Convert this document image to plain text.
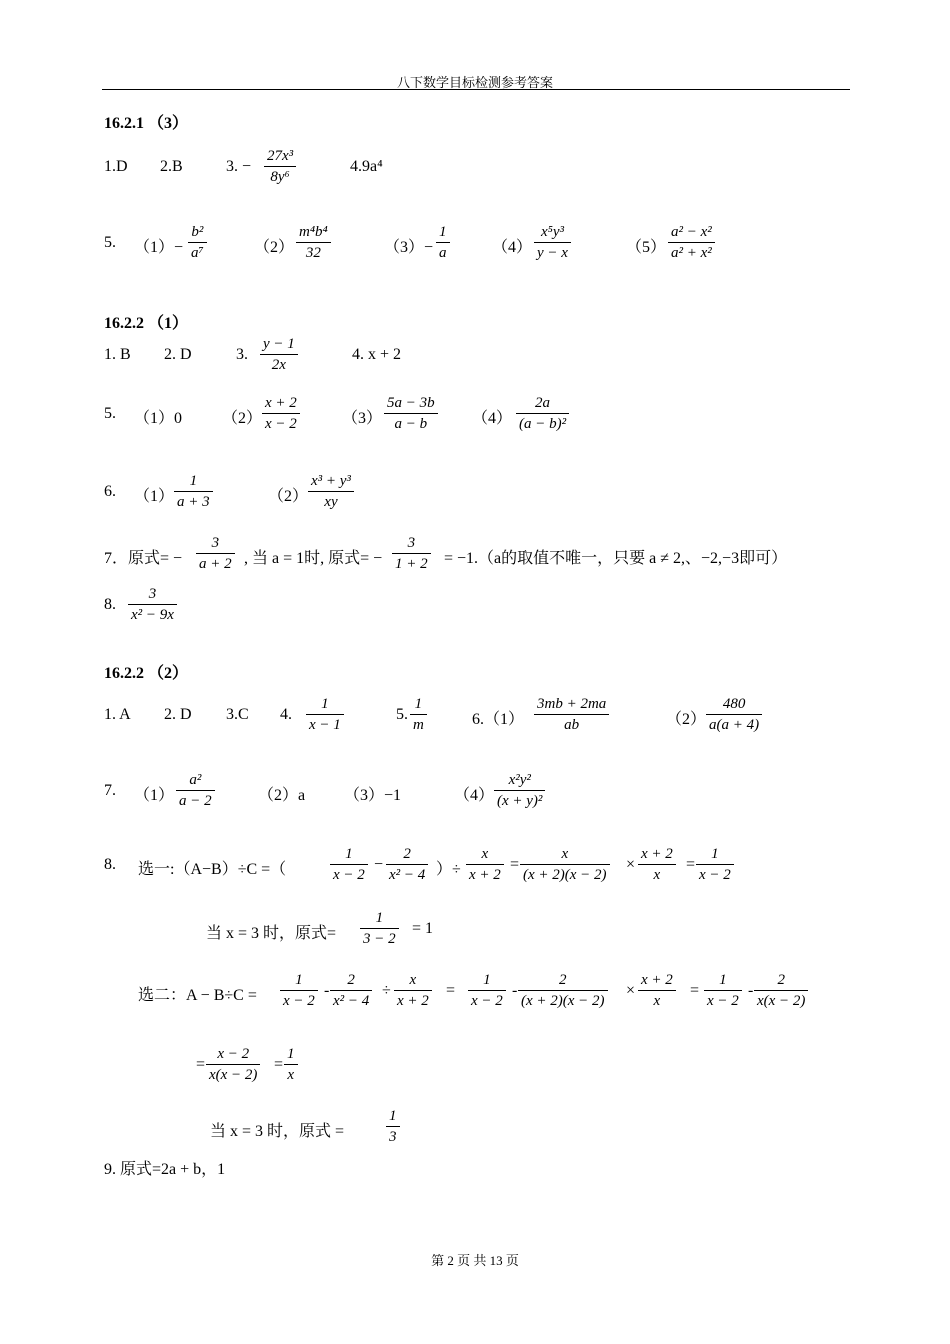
八下数学目标检测参考答案
16.2.1 （3）
1.D 2.B	3. − $\frac{\text{27x³}}{\text{8y⁶}}$	4.9a⁴
5. $(1)- \frac{\text{b²}}{\text{a⁷}}$	$(2) \frac{\text{m⁴b⁴}}{32}$	$(3)- \frac{1}{a}$	$(4) \frac{\text{x⁵y³}}{y - x}$	$(5) \frac{\text{a² − x²}}{\text{a² + x²}}$
16.2.2 （1）
1. B 2. D	3. $\frac{y - 1}{2x}$	4. x + 2
5. （1）0 $(2) \frac{x + 2}{x - 2}$	$(3) \frac{5a - 3b}{a - b} (4) \frac{2a}{\text{(a − b)²}}$
6. $(1) \frac{1}{a + 3}$	$(2) \frac{\text{x³ + y³}}{xy}$
7．原式= − $\frac{3}{a + 2}$ , 当 a = 1时, 原式= − $\frac{3}{1 + 2} = -1.(a$的取值不唯一，只要 a ≠ 2,、−2,−3即可）
8. $\frac{3}{\text{x² − 9x}}$
16.2.2 （2）
1. A 2. D 3.C 4. $\frac{1}{x - 1}$	5. $\frac{1}{m}$	$6.(1) \frac{3mb + 2ma}{ab}$	$(2) \frac{480}{a(a + 4)}$
7. $(1) \frac{\text{a²}}{a - 2}$	（2）a （3）−1	$(4) \frac{\text{x²y²}}{\text{(x + y)²}}$
8. 选一:（A−B）÷C =（	$\frac{1}{x - 2} - \frac{2}{\text{x² − 4}}$ ）÷ $\frac{x}{x + 2} = \frac{x}{(x + 2)(x - 2)} \times \frac{x + 2}{x} = \frac{1}{x - 2}$
当 x = 3 时，原式= $\frac{1}{3 - 2} = 1$
选二：$A - B\div C = \frac{1}{x - 2} - \frac{2}{\text{x² − 4}} \div \frac{x}{x + 2} = \frac{1}{x - 2} - \frac{2}{(x + 2)(x - 2)} \times \frac{x + 2}{x} = \frac{1}{x - 2} - \frac{2}{x(x - 2)}$
= $\frac{x - 2}{x(x - 2)} = \frac{1}{x}$
当 x = 3 时，原式 =	$\frac{1}{3}$
9. 原式=2a + b，1
第 2 页 共 13 页
